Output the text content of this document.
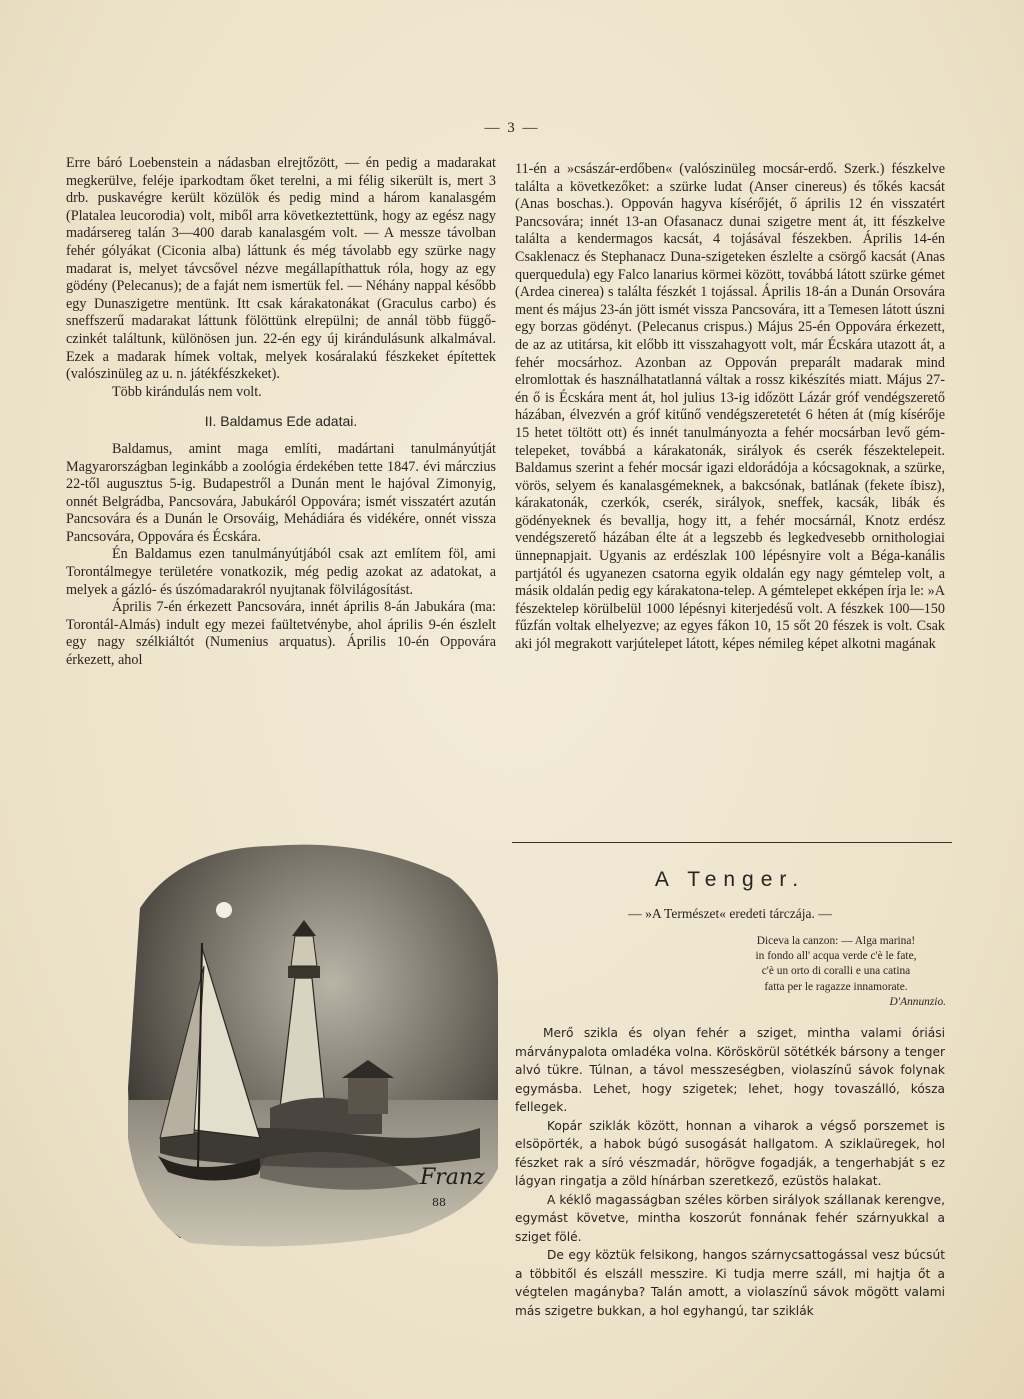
— 3 —

Erre báró Loebenstein a nádasban elrejtőzött, — én pedig a madarakat megkerülve, feléje iparkodtam őket terelni, a mi félig sikerült is, mert 3 drb. puskavégre került közülök és pedig mind a három kanalasgém (Platalea leucorodia) volt, miből arra következtettünk, hogy az egész nagy madársereg talán 3—400 darab kanalasgém volt. — A messze távolban fehér gólyákat (Ciconia alba) láttunk és még távolabb egy szürke nagy madarat is, melyet távcsővel nézve megállapíthattuk róla, hogy az egy gödény (Pelecanus); de a faját nem ismertük fel. — Néhány nappal később egy Dunaszigetre mentünk. Itt csak kárakatonákat (Graculus carbo) és sneffszerű madarakat láttunk fölöttünk elrepülni; de annál több függő-czinkét találtunk, különösen jun. 22-én egy új kirándulásunk alkalmával. Ezek a madarak hímek voltak, melyek kosáralakú fészkeket építettek (valószinüleg az u. n. játékfészkeket).

Több kirándulás nem volt.

II. Baldamus Ede adatai.

Baldamus, amint maga említi, madártani tanulmányútját Magyarországban leginkább a zoológia érdekében tette 1847. évi márczius 22-től augusztus 5-ig. Budapestről a Dunán ment le hajóval Zimonyig, onnét Belgrádba, Pancsovára, Jabukáról Oppovára; ismét visszatért azután Pancsovára és a Dunán le Orsováig, Mehádiára és vidékére, onnét vissza Pancsovára, Oppovára és Écskára.

Én Baldamus ezen tanulmányútjából csak azt említem föl, ami Torontálmegye területére vonatkozik, még pedig azokat az adatokat, a melyek a gázló- és úszómadarakról nyujtanak fölvilágosítást.

Április 7-én érkezett Pancsovára, innét április 8-án Jabukára (ma: Torontál-Almás) indult egy mezei faültetvénybe, ahol április 9-én észlelt egy nagy szélkiáltót (Numenius arquatus). Április 10-én Oppovára érkezett, ahol

11-én a »császár-erdőben« (valószinüleg mocsár-erdő. Szerk.) fészkelve találta a következőket: a szürke ludat (Anser cinereus) és tőkés kacsát (Anas boschas.). Oppován hagyva kísérőjét, ő április 12 én visszatért Pancsovára; innét 13-an Ofasanacz dunai szigetre ment át, itt fészkelve találta a kendermagos kacsát, 4 tojásával fészekben. Április 14-én Csaklenacz és Stephanacz Duna-szigeteken észlelte a csörgő kacsát (Anas querquedula) egy Falco lanarius körmei között, továbbá látott szürke gémet (Ardea cinerea) s találta fészkét 1 tojással. Április 18-án a Dunán Orsovára ment és május 23-án jött ismét vissza Pancsovára, itt a Temesen látott úszni egy borzas gödényt. (Pelecanus crispus.) Május 25-én Oppovára érkezett, de az az utitársa, kit előbb itt visszahagyott volt, már Écskára utazott át, a fehér mocsárhoz. Azonban az Oppován preparált madarak mind elromlottak és használhatatlanná váltak a rossz kikészítés miatt. Május 27-én ő is Écskára ment át, hol julius 13-ig időzött Lázár gróf vendégszerető házában, élvezvén a gróf kitűnő vendégszeretetét 6 héten át (míg kísérője 15 hetet töltött ott) és innét tanulmányozta a fehér mocsárban levő gémtelepeket, továbbá a kárakatonák, sirályok és cserék fészektelepeit. Baldamus szerint a fehér mocsár igazi eldorádója a kócsagoknak, a szürke, vörös, selyem és kanalasgémeknek, a bakcsónak, batlának (fekete íbisz), kárakatonák, czerkók, cserék, sirályok, sneffek, kacsák, libák és gödényeknek és bevallja, hogy itt, a fehér mocsárnál, Knotz erdész vendégszerető házában élte át a legszebb és legkedvesebb ornithologiai ünnepnapjait. Ugyanis az erdészlak 100 lépésnyire volt a Béga-kanális partjától és ugyanezen csatorna egyik oldalán egy nagy gémtelep volt, a másik oldalán pedig egy kárakatona-telep. A gémtelepet ekképen írja le: »A fészektelep körülbelül 1000 lépésnyi kiterjedésű volt. A fészkek 100—150 fűzfán voltak elhelyezve; az egyes fákon 10, 15 sőt 20 fészek is volt. Csak aki jól megrakott varjútelepet látott, képes némileg képet alkotni magának

A Tenger.

— »A Természet« eredeti tárczája. —

Diceva la canzon: — Alga marina!
in fondo all' acqua verde c'è le fate,
c'è un orto di coralli e una catina
fatta per le ragazze innamorate.
D'Annunzio.

Merő szikla és olyan fehér a sziget, mintha valami óriási márványpalota omladéka volna. Köröskörül sötétkék bársony a tenger alvó tükre. Túlnan, a távol messzeségben, violaszínű sávok folynak egymásba. Lehet, hogy szigetek; lehet, hogy tovaszálló, kósza fellegek.

Kopár sziklák között, honnan a viharok a végső porszemet is elsöpörték, a habok búgó susogását hallgatom. A sziklaüregek, hol fészket rak a síró vészmadár, hörögve fogadják, a tengerhabját s ez lágyan ringatja a zöld hínárban szeretkező, ezüstös halakat.

A kéklő magasságban széles körben sirályok szállanak kerengve, egymást követve, mintha koszorút fonnának fehér szárnyukkal a sziget fölé.

De egy köztük felsikong, hangos szárnycsattogással vesz búcsút a többitől és elszáll messzire. Ki tudja merre száll, mi hajtja őt a végtelen magányba? Talán amott, a violaszínű sávok mögött valami más szigetre bukkan, a hol egyhangú, tar sziklák

Franz
88
